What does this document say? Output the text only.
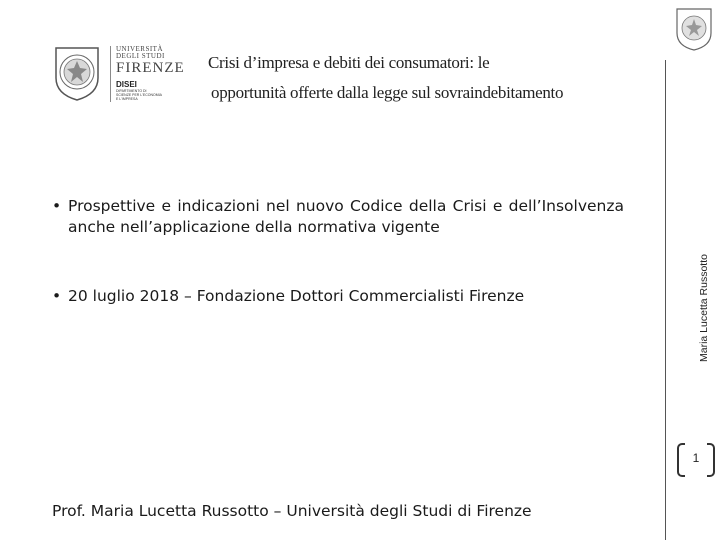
UNIVERSITÀ
DEGLI STUDI
FIRENZE
DISEI
DIPARTIMENTO DI
SCIENZE PER L'ECONOMIA
E L'IMPRESA
Crisi d’impresa e debiti dei consumatori: le
opportunità offerte dalla legge sul sovraindebitamento
• Prospettive e indicazioni nel nuovo Codice della Crisi e dell’Insolvenza anche nell’applicazione della normativa vigente
• 20 luglio 2018 – Fondazione Dottori Commercialisti Firenze
Prof. Maria Lucetta Russotto – Università degli Studi di Firenze
Maria Lucetta Russotto
1
